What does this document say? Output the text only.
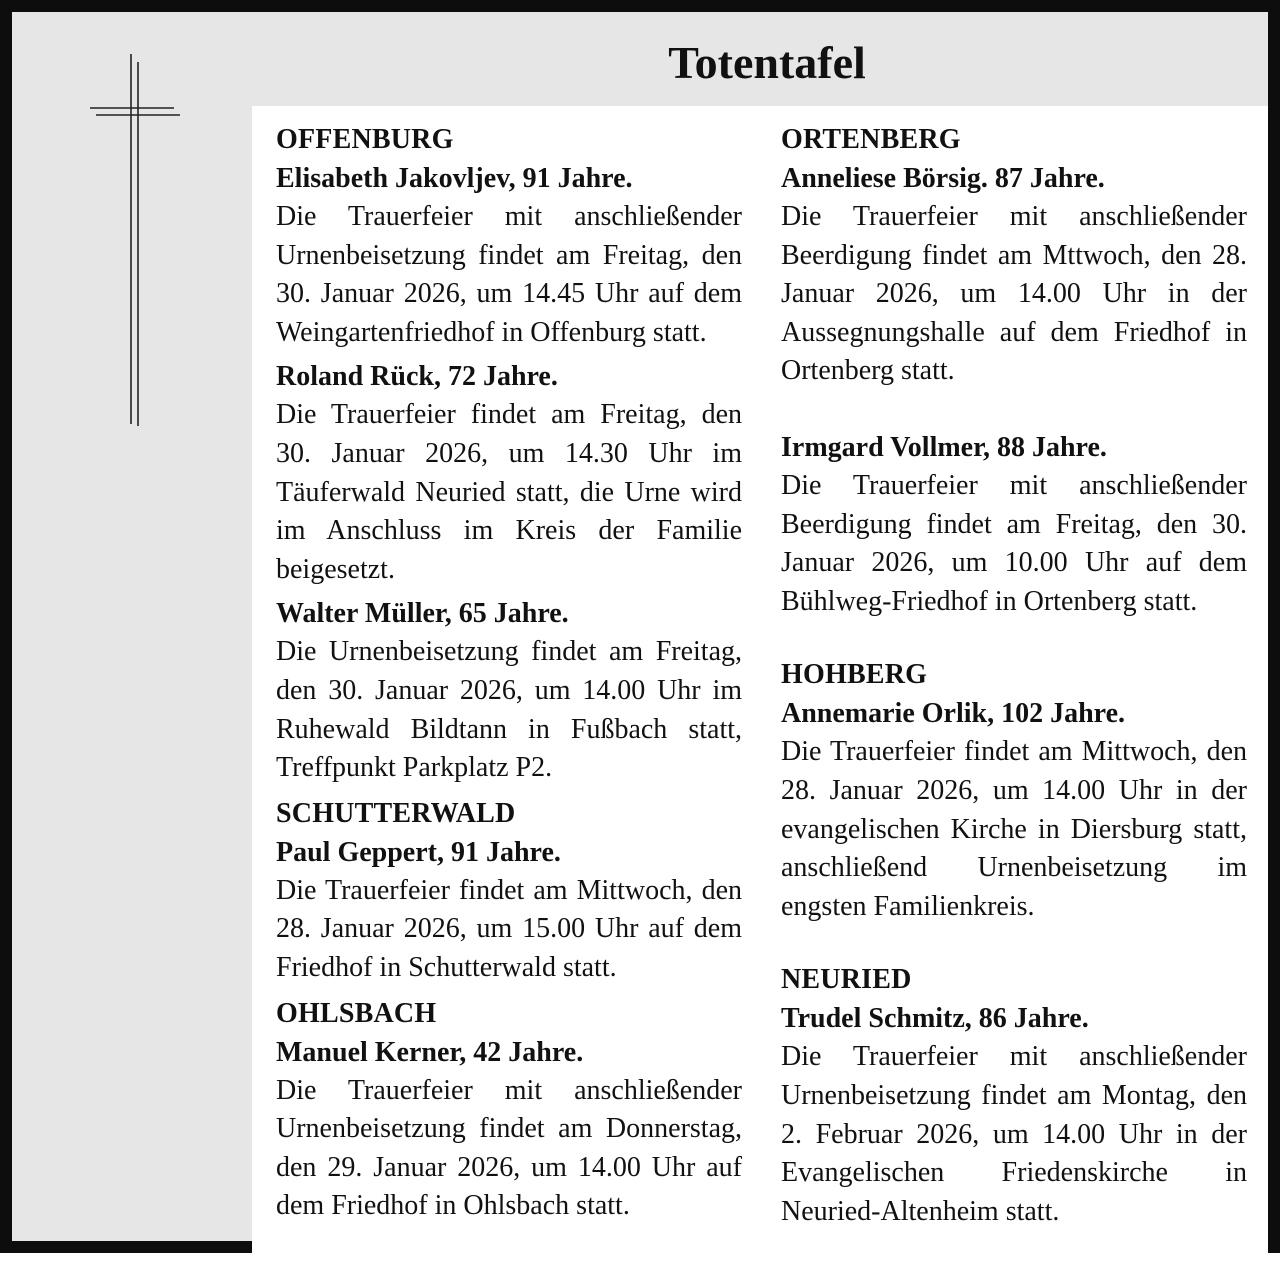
Totentafel
OFFENBURG
Elisabeth Jakovljev, 91 Jahre.
Die Trauerfeier mit anschließender Urnenbeisetzung findet am Freitag, den 30. Januar 2026, um 14.45 Uhr auf dem Weingartenfriedhof in Offenburg statt.
Roland Rück, 72 Jahre.
Die Trauerfeier findet am Freitag, den 30. Januar 2026, um 14.30 Uhr im Täuferwald Neuried statt, die Urne wird im Anschluss im Kreis der Familie beigesetzt.
Walter Müller, 65 Jahre.
Die Urnenbeisetzung findet am Freitag, den 30. Januar 2026, um 14.00 Uhr im Ruhewald Bildtann in Fußbach statt, Treffpunkt Parkplatz P2.
SCHUTTERWALD
Paul Geppert, 91 Jahre.
Die Trauerfeier findet am Mittwoch, den 28. Januar 2026, um 15.00 Uhr auf dem Friedhof in Schutterwald statt.
OHLSBACH
Manuel Kerner, 42 Jahre.
Die Trauerfeier mit anschließender Urnenbeisetzung findet am Donnerstag, den 29. Januar 2026, um 14.00 Uhr auf dem Friedhof in Ohlsbach statt.
ORTENBERG
Anneliese Börsig. 87 Jahre.
Die Trauerfeier mit anschließender Beerdigung findet am Mttwoch, den 28. Januar 2026, um 14.00 Uhr in der Aussegnungshalle auf dem Friedhof in Ortenberg statt.
Irmgard Vollmer, 88 Jahre.
Die Trauerfeier mit anschließender Beerdigung findet am Freitag, den 30. Januar 2026, um 10.00 Uhr auf dem Bühlweg-Friedhof in Ortenberg statt.
HOHBERG
Annemarie Orlik, 102 Jahre.
Die Trauerfeier findet am Mittwoch, den 28. Januar 2026, um 14.00 Uhr in der evangelischen Kirche in Diersburg statt, anschließend Urnenbeisetzung im engsten Familienkreis.
NEURIED
Trudel Schmitz, 86 Jahre.
Die Trauerfeier mit anschließender Urnenbeisetzung findet am Montag, den 2. Februar 2026, um 14.00 Uhr in der Evangelischen Friedenskirche in Neuried-Altenheim statt.
